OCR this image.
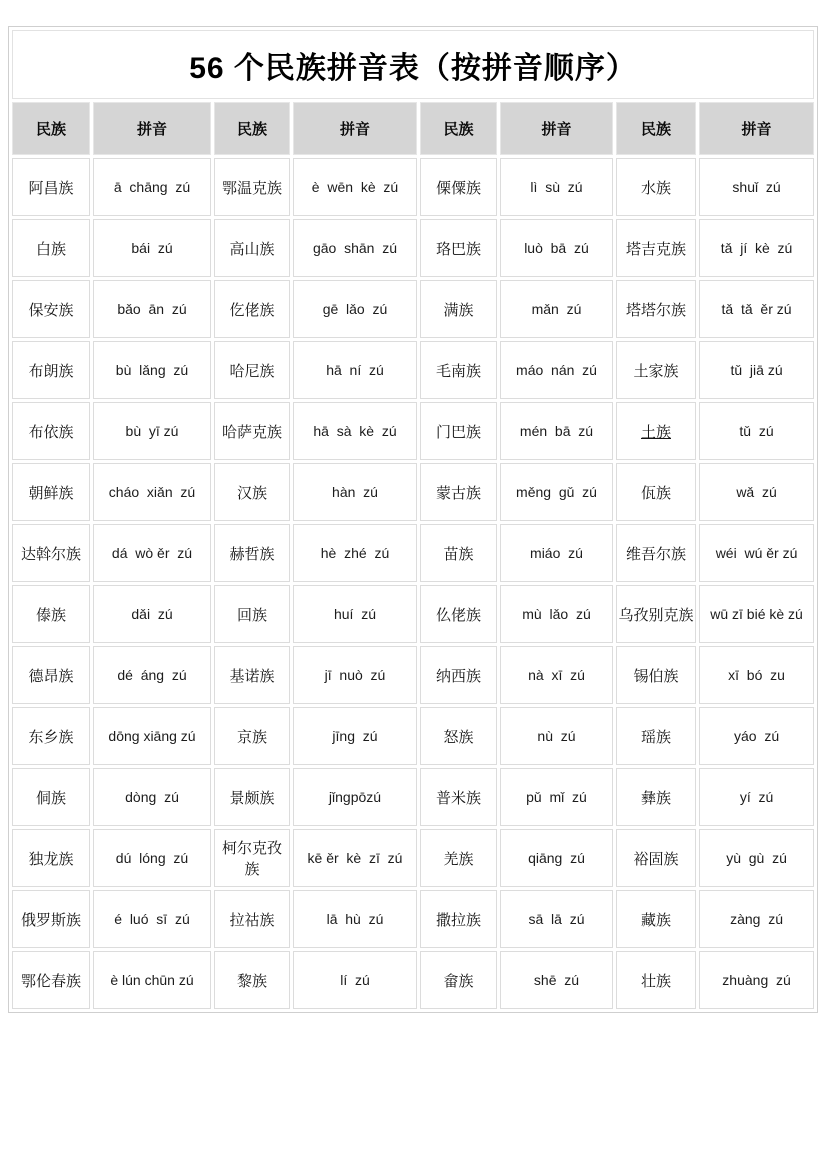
56 个民族拼音表（按拼音顺序）							
民族	拼音	民族	拼音	民族	拼音	民族	拼音
阿昌族	ā  chāng  zú	鄂温克族	è  wēn  kè  zú	傈僳族	lì  sù  zú	水族	shuǐ  zú
白族	bái  zú	高山族	gāo  shān  zú	珞巴族	luò  bā  zú	塔吉克族	tǎ  jí  kè  zú
保安族	bǎo  ān  zú	仡佬族	gē  lǎo  zú	满族	mǎn  zú	塔塔尔族	tǎ  tǎ  ěr zú
布朗族	bù  lǎng  zú	哈尼族	hā  ní  zú	毛南族	máo  nán  zú	土家族	tǔ  jiā zú
布依族	bù  yī zú	哈萨克族	hā  sà  kè  zú	门巴族	mén  bā  zú	土族	tǔ  zú
朝鲜族	cháo  xiǎn  zú	汉族	hàn  zú	蒙古族	měng  gǔ  zú	佤族	wǎ  zú
达斡尔族	dá  wò ěr  zú	赫哲族	hè  zhé  zú	苗族	miáo  zú	维吾尔族	wéi  wú ěr zú
傣族	dǎi  zú	回族	huí  zú	仫佬族	mù  lǎo  zú	乌孜别克族	wū zī bié kè zú
德昂族	dé  áng  zú	基诺族	jī  nuò  zú	纳西族	nà  xī  zú	锡伯族	xī  bó  zu
东乡族	dōng xiāng zú	京族	jīng  zú	怒族	nù  zú	瑶族	yáo  zú
侗族	dòng  zú	景颇族	jǐngpōzú	普米族	pǔ  mǐ  zú	彝族	yí  zú
独龙族	dú  lóng  zú	柯尔克孜族	kē ěr  kè  zī  zú	羌族	qiāng  zú	裕固族	yù  gù  zú
俄罗斯族	é  luó  sī  zú	拉祜族	lā  hù  zú	撒拉族	sā  lā  zú	藏族	zàng  zú
鄂伦春族	è lún chūn zú	黎族	lí  zú	畲族	shē  zú	壮族	zhuàng  zú
